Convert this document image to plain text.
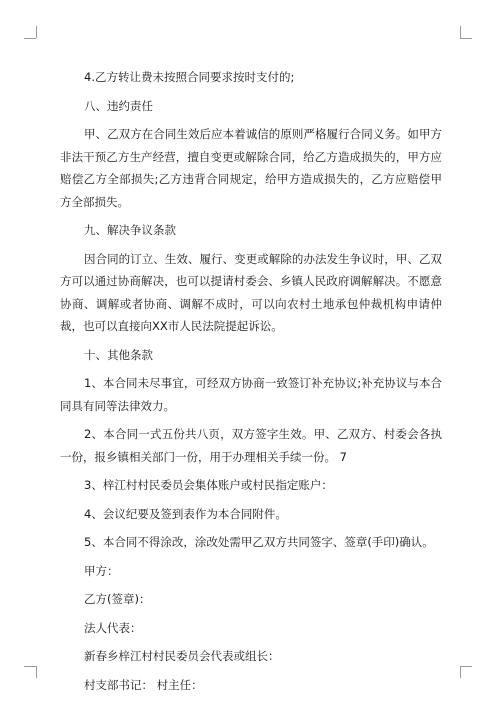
4.乙方转让费未按照合同要求按时支付的;

八、违约责任

甲、乙双方在合同生效后应本着诚信的原则严格履行合同义务。如甲方非法干预乙方生产经营，擅自变更或解除合同，给乙方造成损失的，甲方应赔偿乙方全部损失;乙方违背合同规定，给甲方造成损失的，乙方应赔偿甲方全部损失。

九、解决争议条款

因合同的订立、生效、履行、变更或解除的办法发生争议时，甲、乙双方可以通过协商解决，也可以提请村委会、乡镇人民政府调解解决。不愿意协商、调解或者协商、调解不成时，可以向农村土地承包仲裁机构申请仲裁，也可以直接向XX市人民法院提起诉讼。

十、其他条款

1、本合同未尽事宜，可经双方协商一致签订补充协议;补充协议与本合同具有同等法律效力。

2、本合同一式五份共八页，双方签字生效。甲、乙双方、村委会各执一份，报乡镇相关部门一份，用于办理相关手续一份。 7

3、梓江村村民委员会集体账户或村民指定账户：

4、会议纪要及签到表作为本合同附件。

5、本合同不得涂改，涂改处需甲乙双方共同签字、签章(手印)确认。

甲方：

乙方(签章)：

法人代表：

新春乡梓江村村民委员会代表或组长：

村支部书记： 村主任：
